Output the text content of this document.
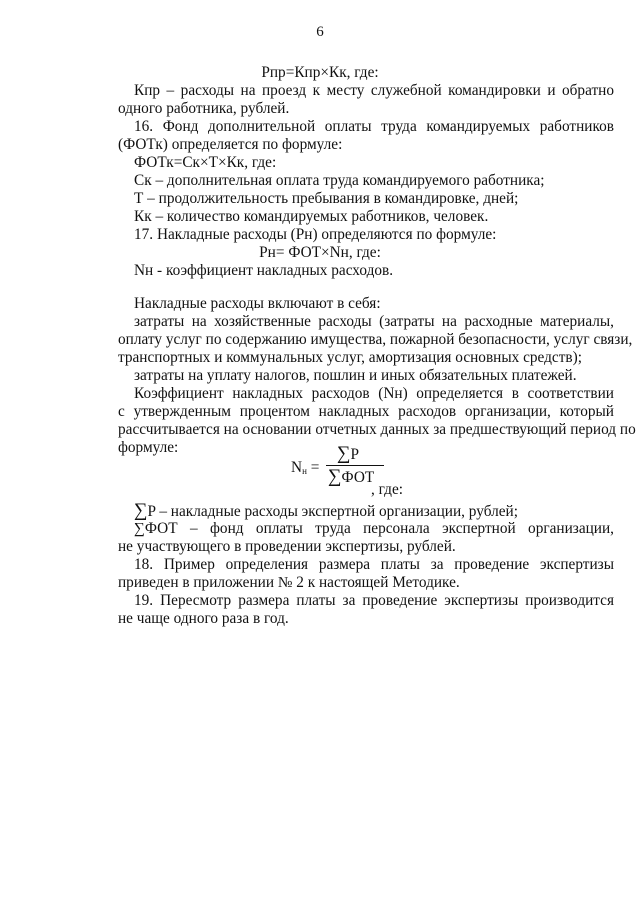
6
Рпр=Кпр×Кк, где:
Кпр – расходы на проезд к месту служебной командировки и обратно
одного работника, рублей.
16. Фонд дополнительной оплаты труда командируемых работников
(ФОТк) определяется по формуле:
ФОТк=Ск×Т×Кк, где:
Ск – дополнительная оплата труда командируемого работника;
Т – продолжительность пребывания в командировке, дней;
Кк – количество командируемых работников, человек.
17. Накладные расходы (Рн) определяются по формуле:
Рн= ФОТ×Nн, где:
Nн - коэффициент накладных расходов.
Накладные расходы включают в себя:
затраты на хозяйственные расходы (затраты на расходные материалы,
оплату услуг по содержанию имущества, пожарной безопасности, услуг связи,
транспортных и коммунальных услуг, амортизация основных средств);
затраты на уплату налогов, пошлин и иных обязательных платежей.
Коэффициент накладных расходов (Nн) определяется в соответствии
с утвержденным процентом накладных расходов организации, который
рассчитывается на основании отчетных данных за предшествующий период по
формуле:
$N_н$ =
∑P
∑ФОТ
, где:
∑P – накладные расходы экспертной организации, рублей;
∑ФОТ – фонд оплаты труда персонала экспертной организации,
не участвующего в проведении экспертизы, рублей.
18. Пример определения размера платы за проведение экспертизы
приведен в приложении № 2 к настоящей Методике.
19. Пересмотр размера платы за проведение экспертизы производится
не чаще одного раза в год.
